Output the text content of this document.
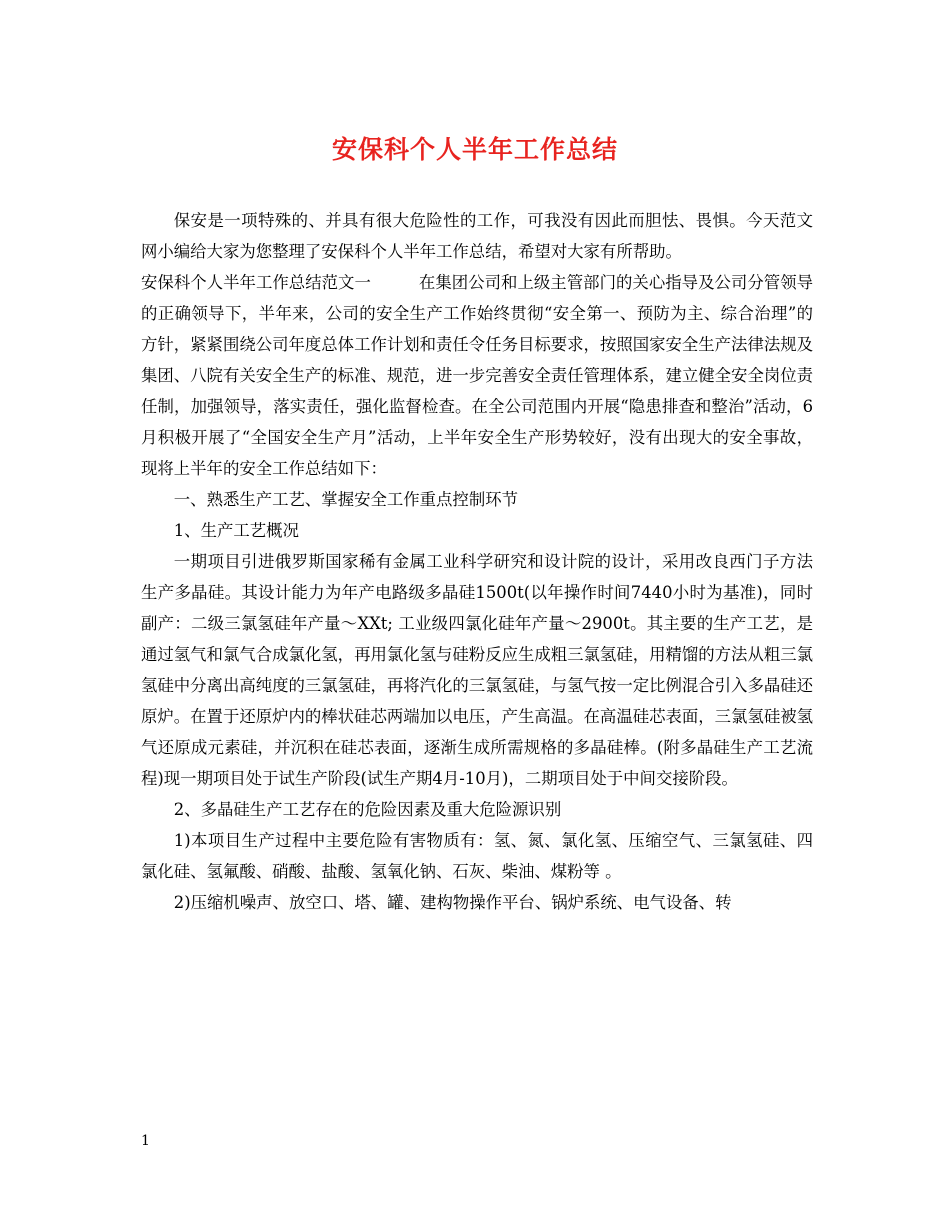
安保科个人半年工作总结

保安是一项特殊的、并具有很大危险性的工作，可我没有因此而胆怯、畏惧。今天范文网小编给大家为您整理了安保科个人半年工作总结，希望对大家有所帮助。

安保科个人半年工作总结范文一	在集团公司和上级主管部门的关心指导及公司分管领导的正确领导下，半年来，公司的安全生产工作始终贯彻“安全第一、预防为主、综合治理”的方针，紧紧围绕公司年度总体工作计划和责任令任务目标要求，按照国家安全生产法律法规及集团、八院有关安全生产的标准、规范，进一步完善安全责任管理体系，建立健全安全岗位责任制，加强领导，落实责任，强化监督检查。在全公司范围内开展“隐患排查和整治”活动，6月积极开展了“全国安全生产月”活动，上半年安全生产形势较好，没有出现大的安全事故，现将上半年的安全工作总结如下：

一、熟悉生产工艺、掌握安全工作重点控制环节

1、生产工艺概况

一期项目引进俄罗斯国家稀有金属工业科学研究和设计院的设计，采用改良西门子方法生产多晶硅。其设计能力为年产电路级多晶硅1500t(以年操作时间7440小时为基准)，同时副产：二级三氯氢硅年产量～XXt; 工业级四氯化硅年产量～2900t。其主要的生产工艺，是通过氢气和氯气合成氯化氢，再用氯化氢与硅粉反应生成粗三氯氢硅，用精馏的方法从粗三氯氢硅中分离出高纯度的三氯氢硅，再将汽化的三氯氢硅，与氢气按一定比例混合引入多晶硅还原炉。在置于还原炉内的棒状硅芯两端加以电压，产生高温。在高温硅芯表面，三氯氢硅被氢气还原成元素硅，并沉积在硅芯表面，逐渐生成所需规格的多晶硅棒。(附多晶硅生产工艺流程)现一期项目处于试生产阶段(试生产期4月-10月)，二期项目处于中间交接阶段。

2、多晶硅生产工艺存在的危险因素及重大危险源识别

1)本项目生产过程中主要危险有害物质有：氢、氮、氯化氢、压缩空气、三氯氢硅、四氯化硅、氢氟酸、硝酸、盐酸、氢氧化钠、石灰、柴油、煤粉等 。

2)压缩机噪声、放空口、塔、罐、建构物操作平台、锅炉系统、电气设备、转

1
